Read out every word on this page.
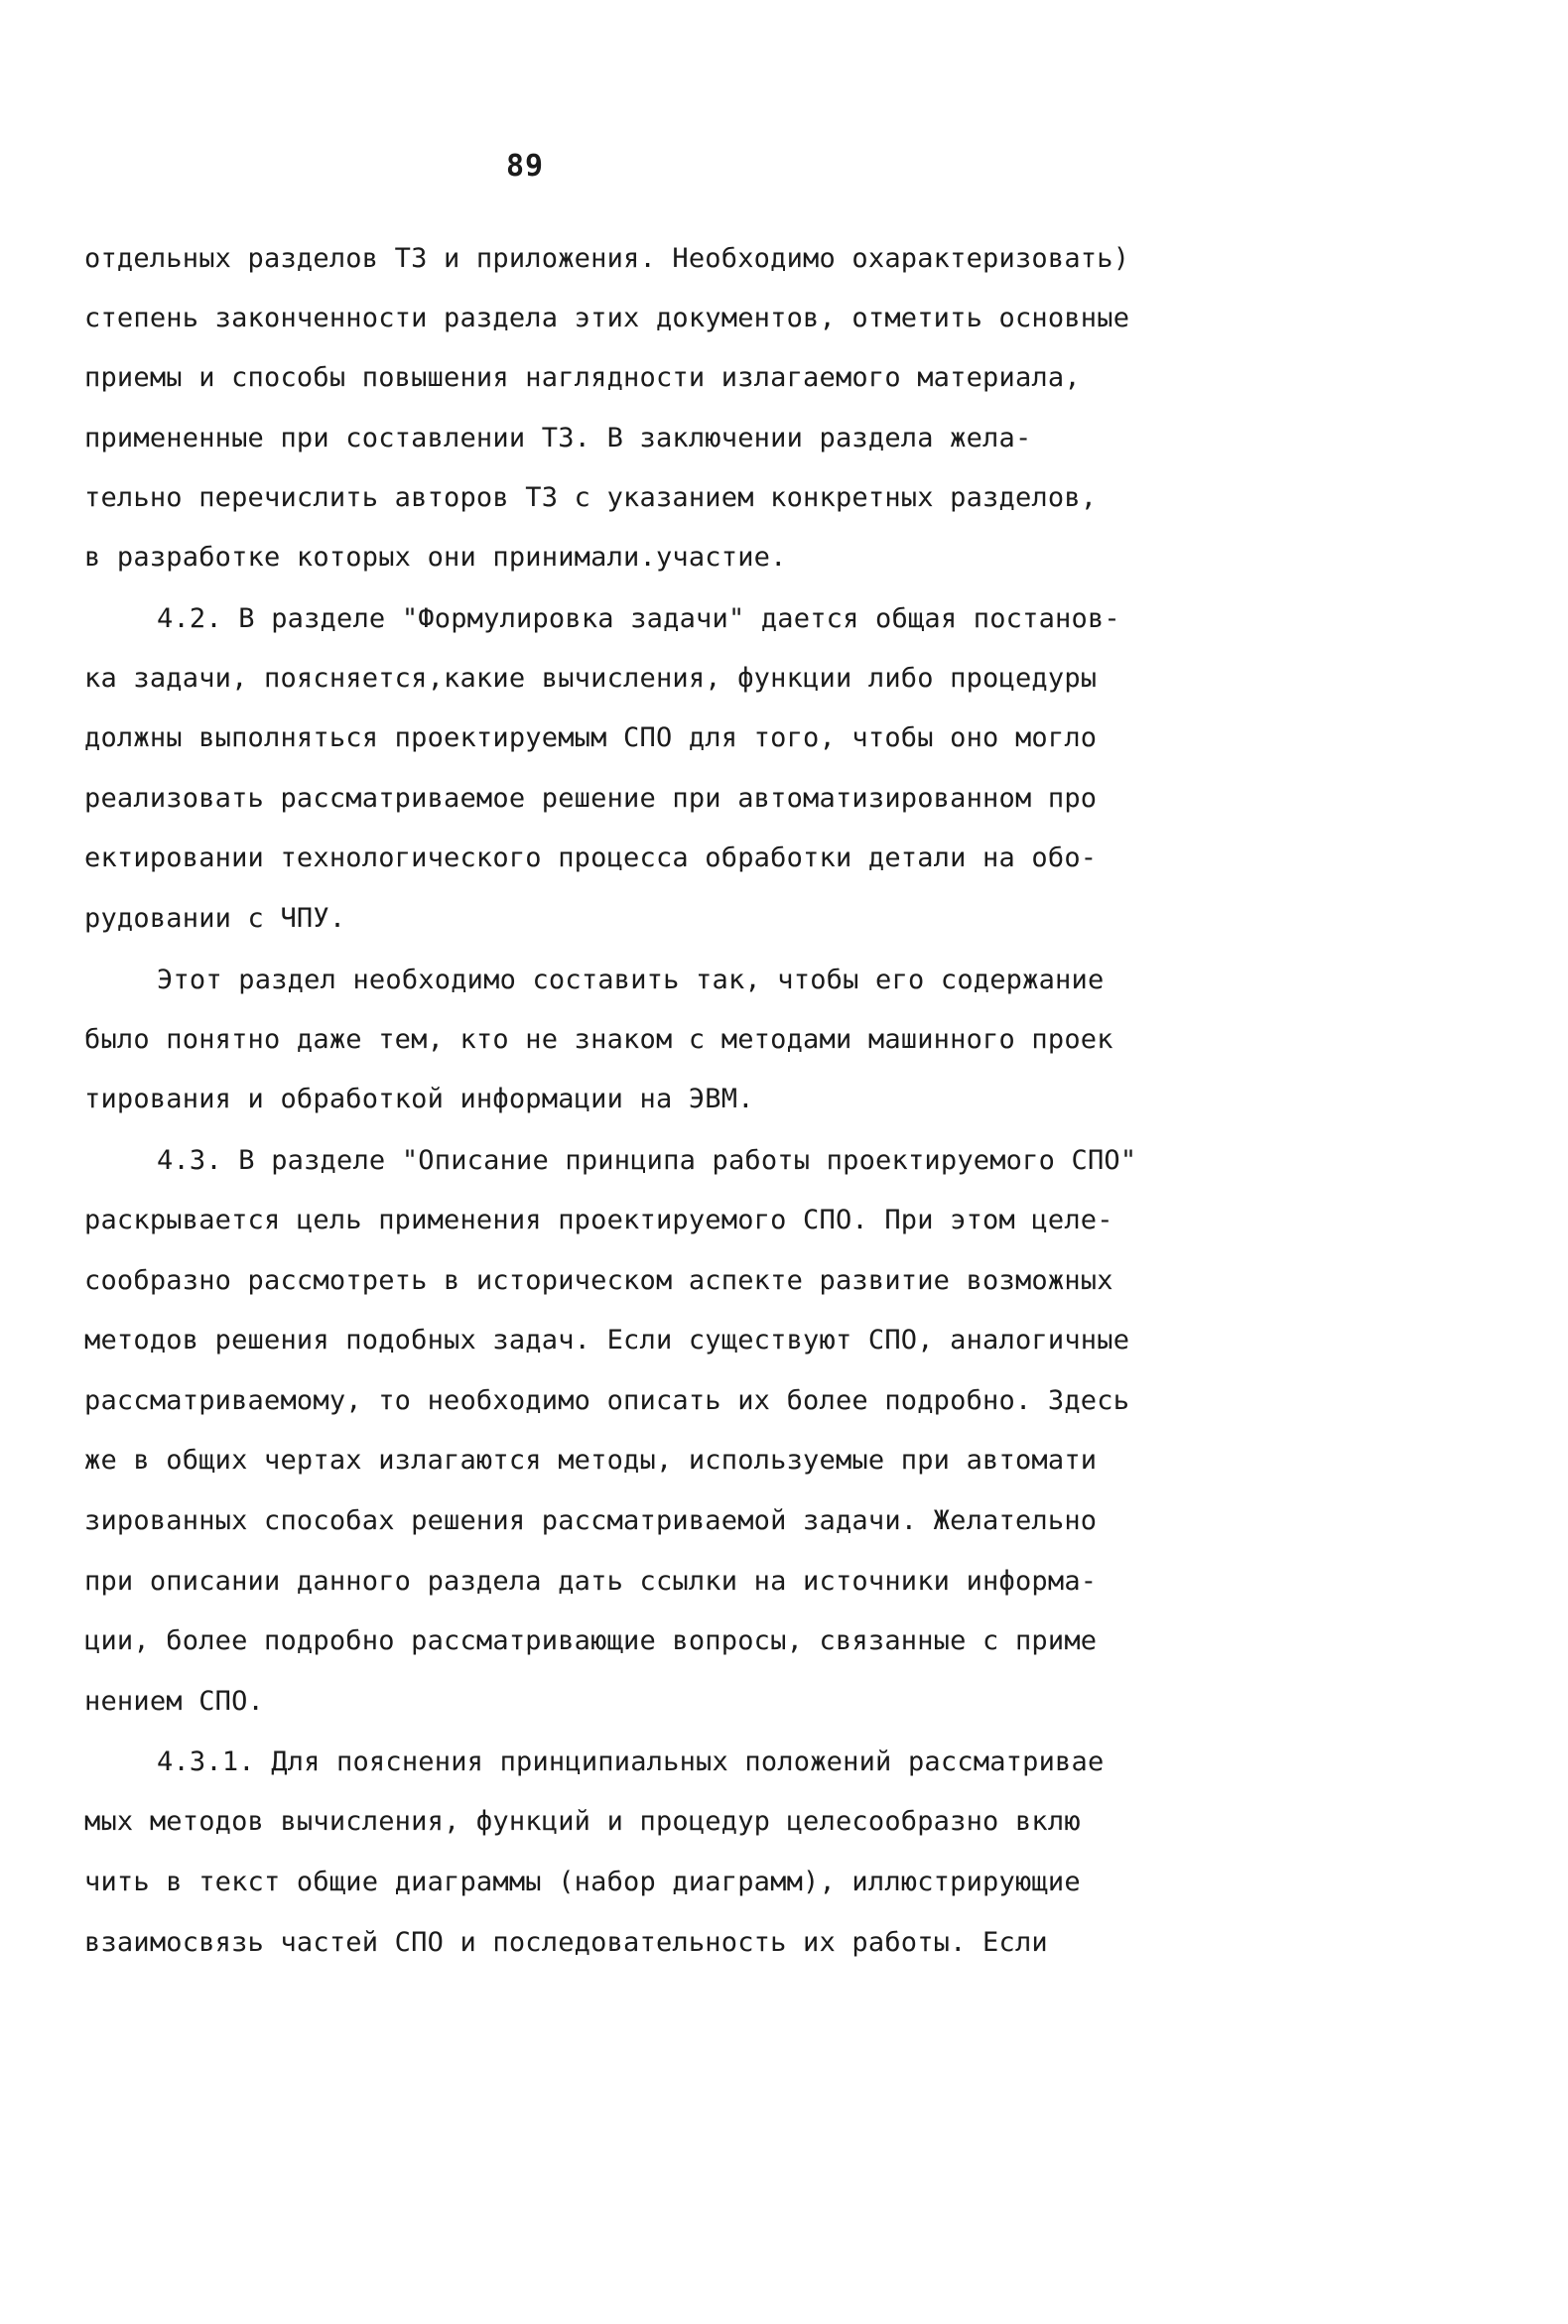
89
отдельных разделов ТЗ и приложения. Необходимо охарактеризовать)
степень законченности раздела этих документов, отметить основные
приемы и способы повышения наглядности излагаемого материала,
примененные при составлении ТЗ. В заключении раздела жела-
тельно перечислить авторов ТЗ с указанием конкретных разделов,
в разработке которых они принимали.участие.
4.2. В разделе "Формулировка задачи" дается общая постанов-
ка задачи, поясняется,какие вычисления, функции либо процедуры
должны выполняться проектируемым СПО для того, чтобы оно могло
реализовать рассматриваемое решение при автоматизированном про
ектировании технологического процесса обработки детали на обо-
рудовании с ЧПУ.
Этот раздел необходимо составить так, чтобы его содержание
было понятно даже тем, кто не знаком с методами машинного проек
тирования и обработкой информации на ЭВМ.
4.3. В разделе "Описание принципа работы проектируемого СПО"
раскрывается цель применения проектируемого СПО. При этом целе-
сообразно рассмотреть в историческом аспекте развитие возможных
методов решения подобных задач. Если существуют СПО, аналогичные
рассматриваемому, то необходимо описать их более подробно. Здесь
же в общих чертах излагаются методы, используемые при автомати
зированных способах решения рассматриваемой задачи. Желательно
при описании данного раздела дать ссылки на источники информа-
ции, более подробно рассматривающие вопросы, связанные с приме
нением СПО.
4.3.1. Для пояснения принципиальных положений рассматривае
мых методов вычисления, функций и процедур целесообразно вклю
чить в текст общие диаграммы (набор диаграмм), иллюстрирующие
взаимосвязь частей СПО и последовательность их работы. Если
